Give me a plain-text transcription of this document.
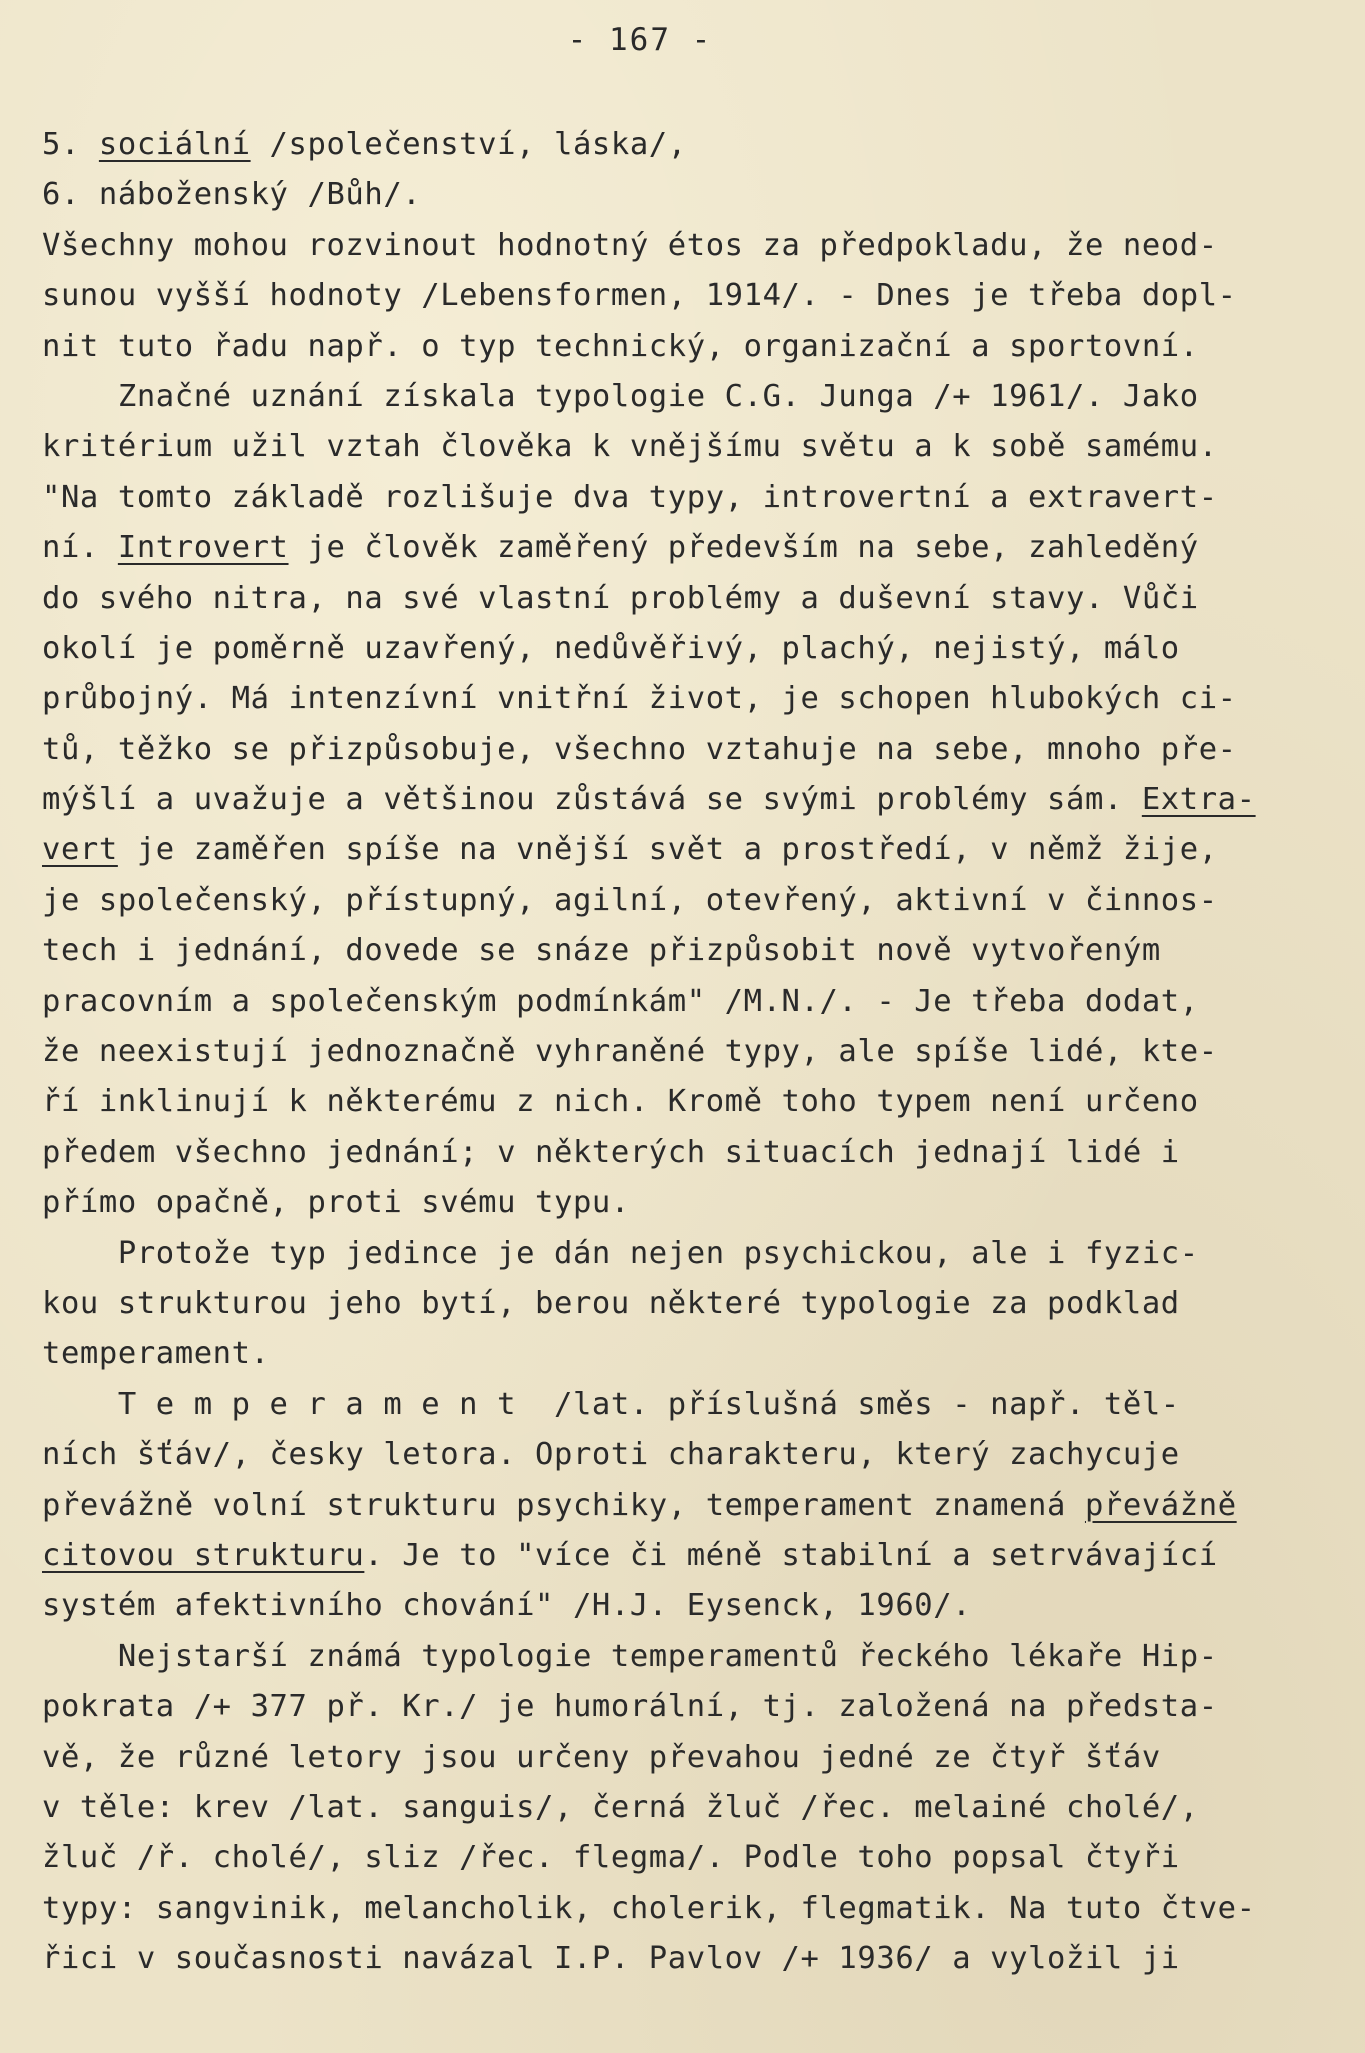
- 167 -
5. sociální /společenství, láska/,
6. náboženský /Bůh/.
Všechny mohou rozvinout hodnotný étos za předpokladu, že neod-
sunou vyšší hodnoty /Lebensformen, 1914/. - Dnes je třeba dopl-
nit tuto řadu např. o typ technický, organizační a sportovní.
Značné uznání získala typologie C.G. Junga /+ 1961/. Jako
kritérium užil vztah člověka k vnějšímu světu a k sobě samému.
"Na tomto základě rozlišuje dva typy, introvertní a extravert-
ní. Introvert je člověk zaměřený především na sebe, zahleděný
do svého nitra, na své vlastní problémy a duševní stavy. Vůči
okolí je poměrně uzavřený, nedůvěřivý, plachý, nejistý, málo
průbojný. Má intenzívní vnitřní život, je schopen hlubokých ci-
tů, těžko se přizpůsobuje, všechno vztahuje na sebe, mnoho pře-
mýšlí a uvažuje a většinou zůstává se svými problémy sám. Extra-
vert je zaměřen spíše na vnější svět a prostředí, v němž žije,
je společenský, přístupný, agilní, otevřený, aktivní v činnos-
tech i jednání, dovede se snáze přizpůsobit nově vytvořeným
pracovním a společenským podmínkám" /M.N./. - Je třeba dodat,
že neexistují jednoznačně vyhraněné typy, ale spíše lidé, kte-
ří inklinují k některému z nich. Kromě toho typem není určeno
předem všechno jednání; v některých situacích jednají lidé i
přímo opačně, proti svému typu.
Protože typ jedince je dán nejen psychickou, ale i fyzic-
kou strukturou jeho bytí, berou některé typologie za podklad
temperament.
T e m p e r a m e n t  /lat. příslušná směs - např. těl-
ních šťáv/, česky letora. Oproti charakteru, který zachycuje
převážně volní strukturu psychiky, temperament znamená převážně
citovou strukturu. Je to "více či méně stabilní a setrvávající
systém afektivního chování" /H.J. Eysenck, 1960/.
Nejstarší známá typologie temperamentů řeckého lékaře Hip-
pokrata /+ 377 př. Kr./ je humorální, tj. založená na předsta-
vě, že různé letory jsou určeny převahou jedné ze čtyř šťáv
v těle: krev /lat. sanguis/, černá žluč /řec. melainé cholé/,
žluč /ř. cholé/, sliz /řec. flegma/. Podle toho popsal čtyři
typy: sangvinik, melancholik, cholerik, flegmatik. Na tuto čtve-
řici v současnosti navázal I.P. Pavlov /+ 1936/ a vyložil ji
